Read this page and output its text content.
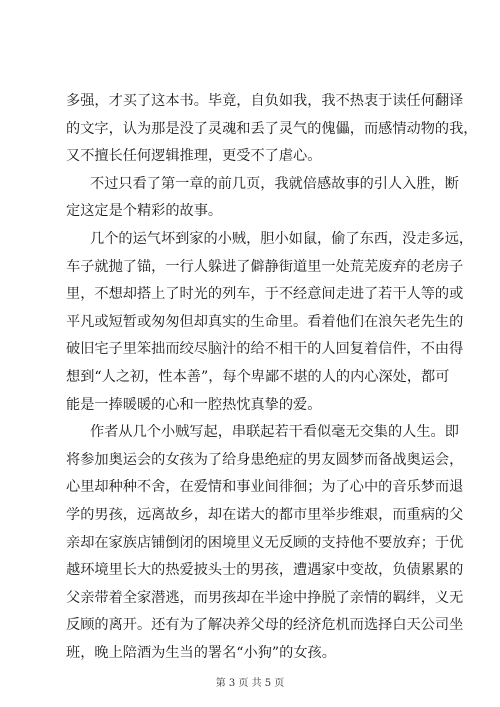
多强，才买了这本书。毕竟，自负如我，我不热衷于读任何翻译
的文字，认为那是没了灵魂和丢了灵气的傀儡，而感情动物的我，
又不擅长任何逻辑推理，更受不了虐心。
不过只看了第一章的前几页，我就倍感故事的引人入胜，断
定这定是个精彩的故事。
几个的运气坏到家的小贼，胆小如鼠，偷了东西，没走多远，
车子就抛了锚，一行人躲进了僻静街道里一处荒芜废弃的老房子
里，不想却搭上了时光的列车，于不经意间走进了若干人等的或
平凡或短暂或匆匆但却真实的生命里。看着他们在浪矢老先生的
破旧宅子里笨拙而绞尽脑汁的给不相干的人回复着信件，不由得
想到“人之初，性本善”，每个卑鄙不堪的人的内心深处，都可
能是一捧暖暖的心和一腔热忱真挚的爱。
作者从几个小贼写起，串联起若干看似毫无交集的人生。即
将参加奥运会的女孩为了给身患绝症的男友圆梦而备战奥运会，
心里却种种不舍，在爱情和事业间徘徊；为了心中的音乐梦而退
学的男孩，远离故乡，却在诺大的都市里举步维艰，而重病的父
亲却在家族店铺倒闭的困境里义无反顾的支持他不要放弃；于优
越环境里长大的热爱披头士的男孩，遭遇家中变故，负债累累的
父亲带着全家潜逃，而男孩却在半途中挣脱了亲情的羁绊，义无
反顾的离开。还有为了解决养父母的经济危机而选择白天公司坐
班，晚上陪酒为生当的署名“小狗”的女孩。
第 3 页 共 5 页
